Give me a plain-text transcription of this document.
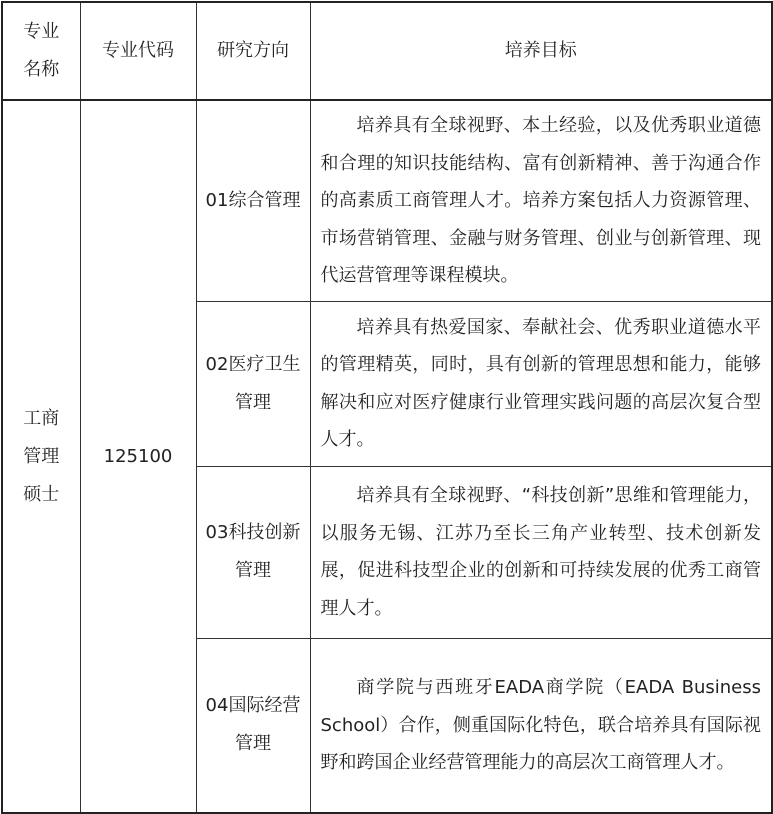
专业名称	专业代码	研究方向	培养目标
工商管理硕士	125100	01综合管理	培养具有全球视野、本土经验，以及优秀职业道德和合理的知识技能结构、富有创新精神、善于沟通合作的高素质工商管理人才。培养方案包括人力资源管理、市场营销管理、金融与财务管理、创业与创新管理、现代运营管理等课程模块。

		02医疗卫生管理	培养具有热爱国家、奉献社会、优秀职业道德水平的管理精英，同时，具有创新的管理思想和能力，能够解决和应对医疗健康行业管理实践问题的高层次复合型人才。

		03科技创新管理	培养具有全球视野、“科技创新”思维和管理能力，以服务无锡、江苏乃至长三角产业转型、技术创新发展，促进科技型企业的创新和可持续发展的优秀工商管理人才。

		04国际经营管理	商学院与西班牙EADA商学院（EADA Business School）合作，侧重国际化特色，联合培养具有国际视野和跨国企业经营管理能力的高层次工商管理人才。
